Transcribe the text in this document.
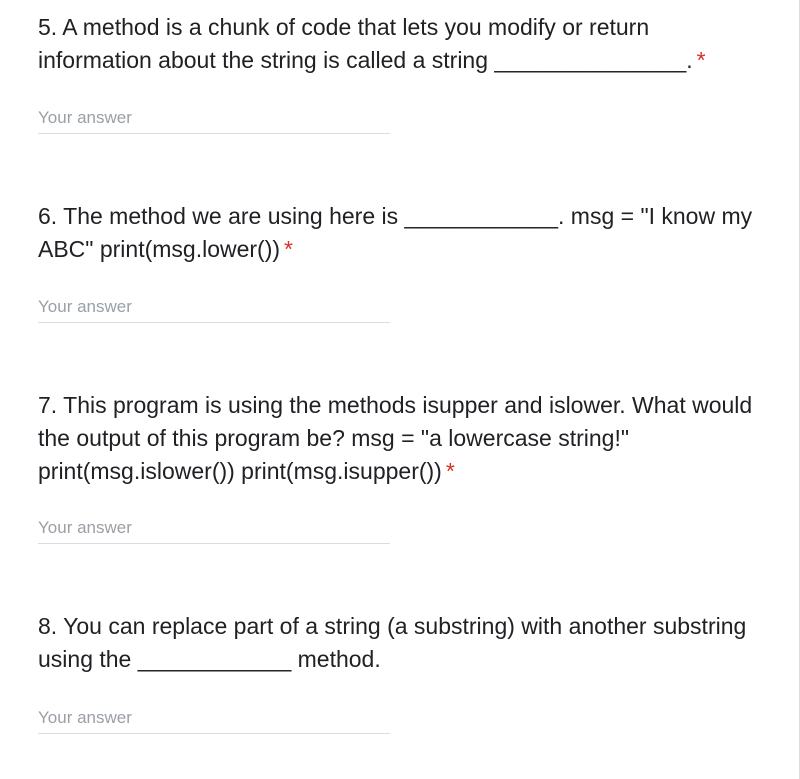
5. A method is a chunk of code that lets you modify or return information about the string is called a string _______________. *

Your answer

6. The method we are using here is ____________. msg = "I know my ABC" print(msg.lower()) *

Your answer

7. This program is using the methods isupper and islower. What would the output of this program be? msg = "a lowercase string!" print(msg.islower()) print(msg.isupper()) *

Your answer

8. You can replace part of a string (a substring) with another substring using the ____________ method.

Your answer
